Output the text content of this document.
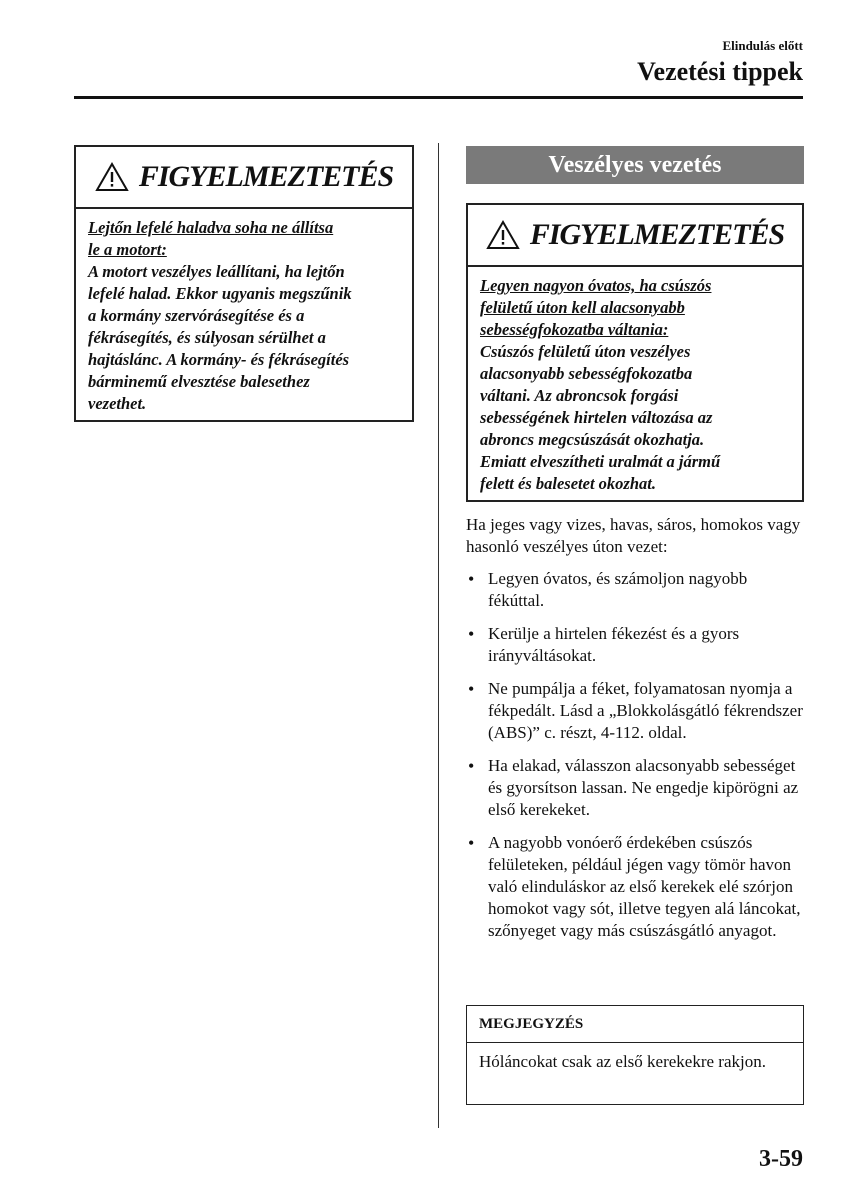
Elindulás előtt
Vezetési tippek
FIGYELMEZTETÉS
Lejtőn lefelé haladva soha ne állítsa
le a motort:
A motort veszélyes leállítani, ha lejtőn
lefelé halad. Ekkor ugyanis megszűnik
a kormány szervórásegítése és a
fékrásegítés, és súlyosan sérülhet a
hajtáslánc. A kormány- és fékrásegítés
bárminemű elvesztése balesethez
vezethet.
Veszélyes vezetés
FIGYELMEZTETÉS
Legyen nagyon óvatos, ha csúszós
felületű úton kell alacsonyabb
sebességfokozatba váltania:
Csúszós felületű úton veszélyes
alacsonyabb sebességfokozatba
váltani. Az abroncsok forgási
sebességének hirtelen változása az
abroncs megcsúszását okozhatja.
Emiatt elveszítheti uralmát a jármű
felett és balesetet okozhat.
Ha jeges vagy vizes, havas, sáros, homokos vagy hasonló veszélyes úton vezet:
• Legyen óvatos, és számoljon nagyobb fékúttal.
• Kerülje a hirtelen fékezést és a gyors irányváltásokat.
• Ne pumpálja a féket, folyamatosan nyomja a fékpedált. Lásd a „Blokkolásgátló fékrendszer (ABS)” c. részt, 4-112. oldal.
• Ha elakad, válasszon alacsonyabb sebességet és gyorsítson lassan. Ne engedje kipörögni az első kerekeket.
• A nagyobb vonóerő érdekében csúszós felületeken, például jégen vagy tömör havon való elinduláskor az első kerekek elé szórjon homokot vagy sót, illetve tegyen alá láncokat, szőnyeget vagy más csúszásgátló anyagot.
MEGJEGYZÉS
Hóláncokat csak az első kerekekre rakjon.
3-59
